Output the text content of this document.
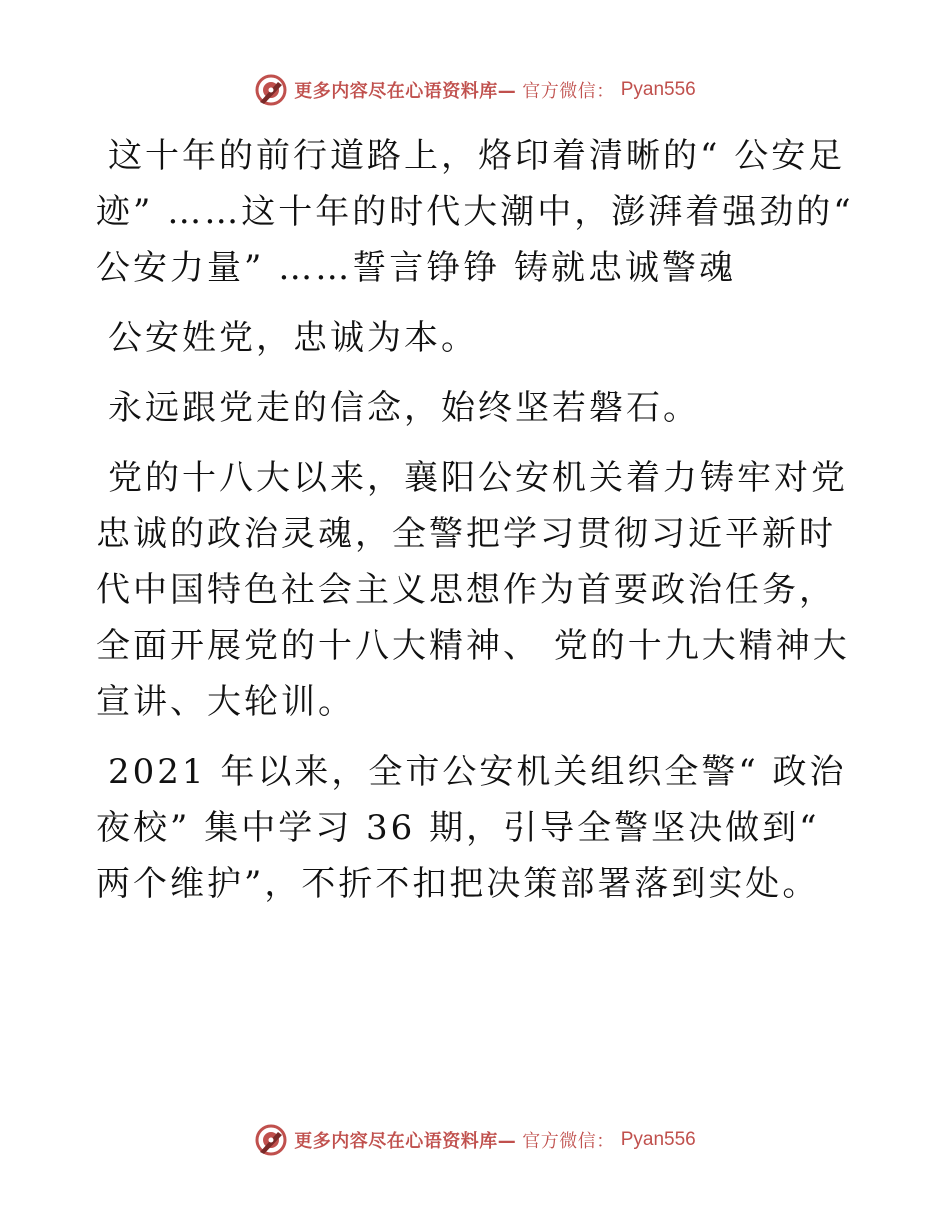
更多内容尽在心语资料库— 官方微信： Pyan556

这十年的前行道路上，烙印着清晰的“ 公安足迹” ……这十年的时代大潮中，澎湃着强劲的“ 公安力量” ……誓言铮铮 铸就忠诚警魂

公安姓党，忠诚为本。

永远跟党走的信念，始终坚若磐石。

党的十八大以来，襄阳公安机关着力铸牢对党忠诚的政治灵魂，全警把学习贯彻习近平新时代中国特色社会主义思想作为首要政治任务， 全面开展党的十八大精神、 党的十九大精神大宣讲、大轮训。

2021 年以来，全市公安机关组织全警“ 政治夜校” 集中学习 36 期，引导全警坚决做到“ 两个维护”，不折不扣把决策部署落到实处。

更多内容尽在心语资料库— 官方微信： Pyan556
